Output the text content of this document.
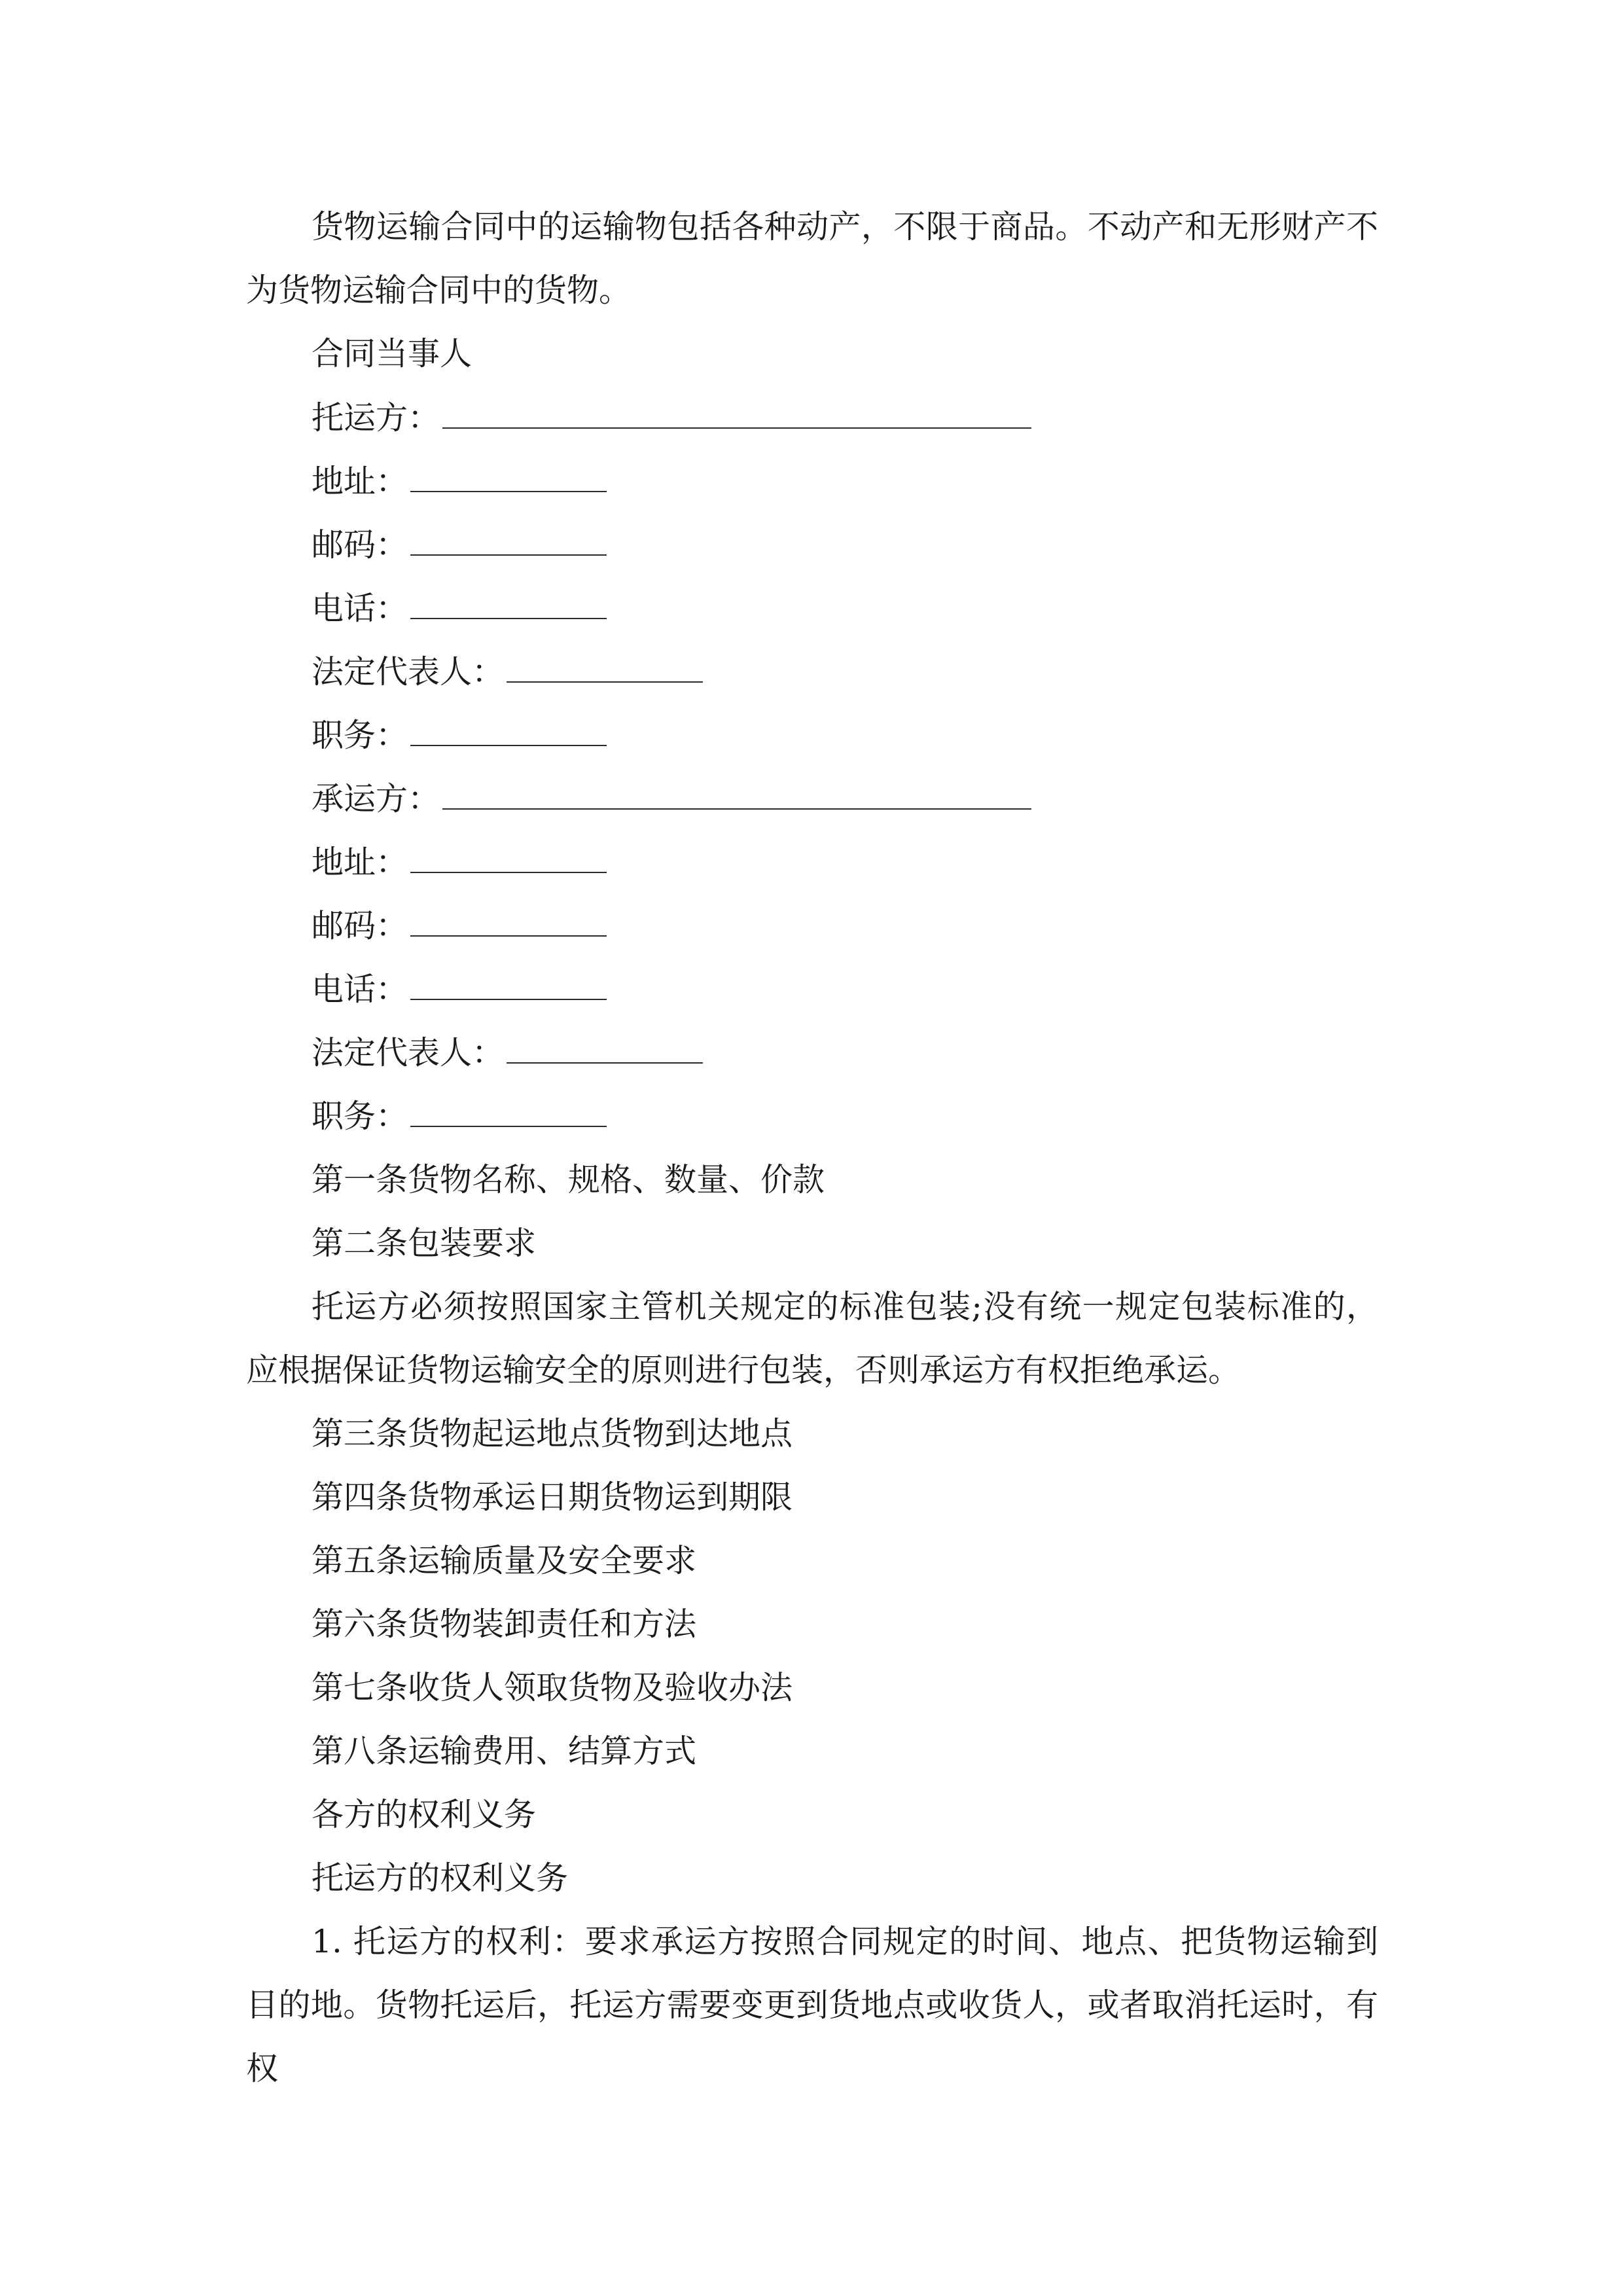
货物运输合同中的运输物包括各种动产，不限于商品。不动产和无形财产不为货物运输合同中的货物。

合同当事人
托运方：
地址：
邮码：
电话：
法定代表人：
职务：
承运方：
地址：
邮码：
电话：
法定代表人：
职务：
第一条货物名称、规格、数量、价款
第二条包装要求

托运方必须按照国家主管机关规定的标准包装;没有统一规定包装标准的，应根据保证货物运输安全的原则进行包装，否则承运方有权拒绝承运。

第三条货物起运地点货物到达地点
第四条货物承运日期货物运到期限
第五条运输质量及安全要求
第六条货物装卸责任和方法
第七条收货人领取货物及验收办法
第八条运输费用、结算方式
各方的权利义务
托运方的权利义务

1. 托运方的权利：要求承运方按照合同规定的时间、地点、把货物运输到目的地。货物托运后，托运方需要变更到货地点或收货人，或者取消托运时，有权
